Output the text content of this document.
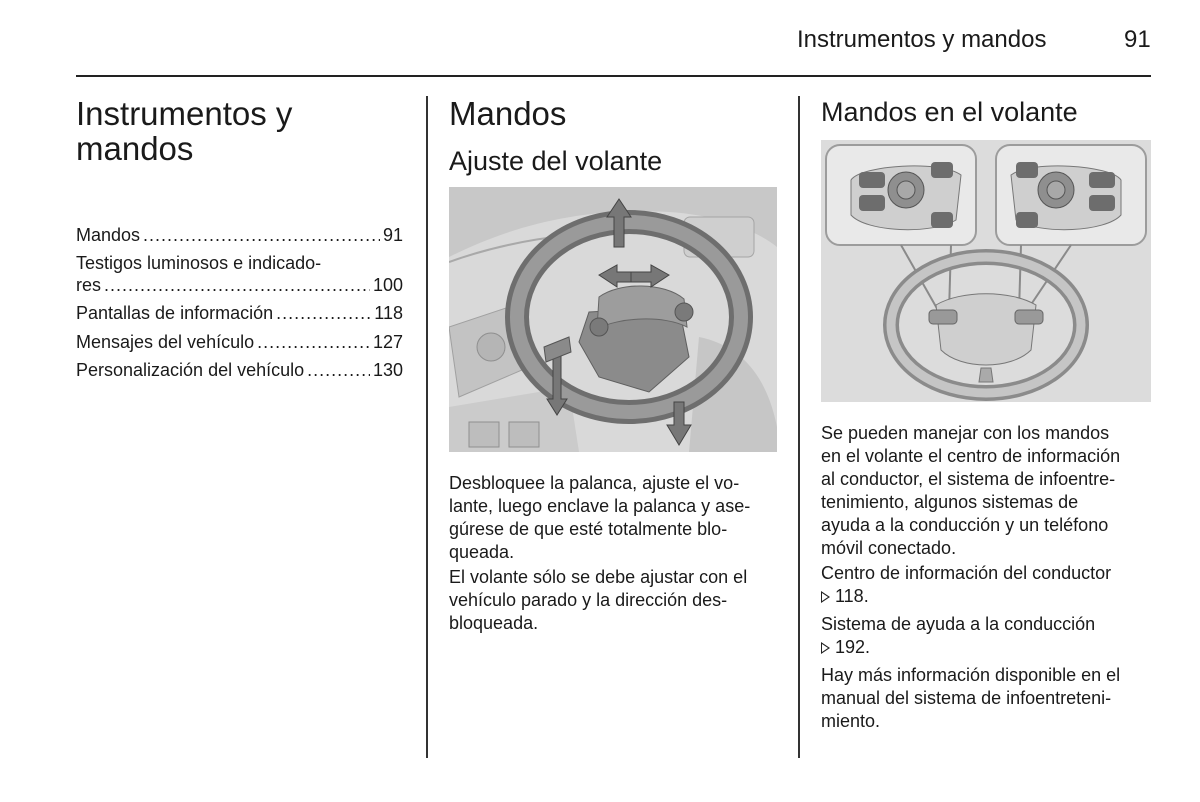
Instrumentos y mandos	91
Instrumentos y
mandos
Mandos .....	91
Testigos luminosos e indicado-
res .....	100
Pantallas de información .....	118
Mensajes del vehículo .....	127
Personalización del vehículo .....	130
Mandos
Ajuste del volante
Desbloquee la palanca, ajuste el vo-
lante, luego enclave la palanca y ase-
gúrese de que esté totalmente blo-
queada.
El volante sólo se debe ajustar con el
vehículo parado y la dirección des-
bloqueada.
Mandos en el volante
Se pueden manejar con los mandos
en el volante el centro de información
al conductor, el sistema de infoentre-
tenimiento, algunos sistemas de
ayuda a la conducción y un teléfono
móvil conectado.
Centro de información del conductor
118.
Sistema de ayuda a la conducción
192.
Hay más información disponible en el
manual del sistema de infoentreteni-
miento.
